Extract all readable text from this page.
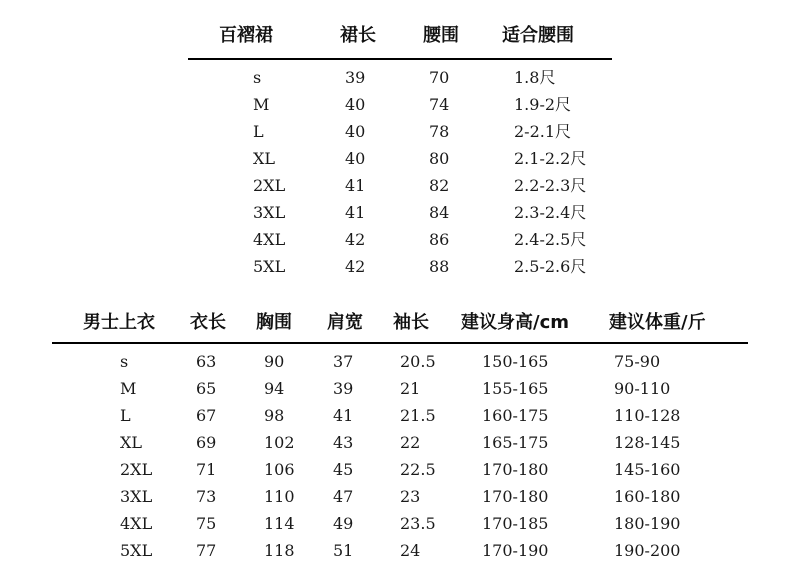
百褶裙	裙长	腰围 适合腰围
s	39	70	1.8尺
M	40	74	1.9-2尺
L	40	78	2-2.1尺
XL	40	80	2.1-2.2尺
2XL	41	82	2.2-2.3尺
3XL	41	84	2.3-2.4尺
4XL	42	86	2.4-2.5尺
5XL	42	88	2.5-2.6尺
男士上衣 衣长 胸围 肩宽 袖长 建议身高/cm 建议体重/斤
s	63	90	37	20.5	150-165	75-90
M	65	94	39	21	155-165	90-110
L	67	98	41	21.5	160-175	110-128
XL	69	102 43	22	165-175	128-145
2XL	71	106 45	22.5	170-180	145-160
3XL	73	110 47	23	170-180	160-180
4XL	75	114 49	23.5	170-185	180-190
5XL	77	118 51	24	170-190	190-200
